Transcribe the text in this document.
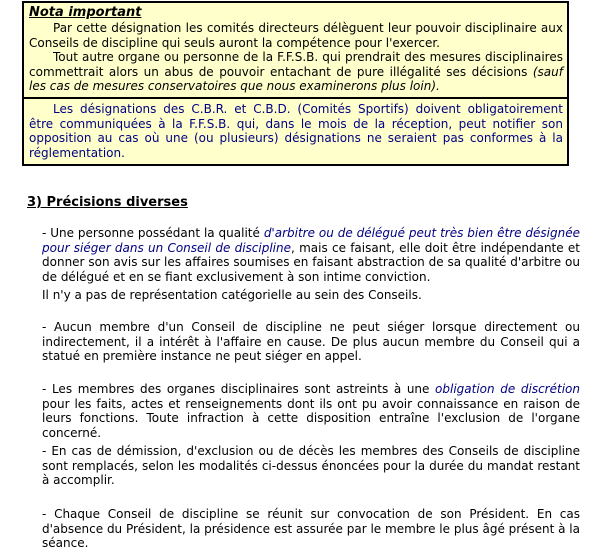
Nota important

Par cette désignation les comités directeurs délèguent leur pouvoir disciplinaire aux Conseils de discipline qui seuls auront la compétence pour l'exercer.

Tout autre organe ou personne de la F.F.S.B. qui prendrait des mesures disciplinaires commettrait alors un abus de pouvoir entachant de pure illégalité ses décisions (sauf les cas de mesures conservatoires que nous examinerons plus loin).

Les désignations des C.B.R. et C.B.D. (Comités Sportifs) doivent obligatoirement être communiquées à la F.F.S.B. qui, dans le mois de la réception, peut notifier son opposition au cas où une (ou plusieurs) désignations ne seraient pas conformes à la réglementation.

3) Précisions diverses

- Une personne possédant la qualité d'arbitre ou de délégué peut très bien être désignée pour siéger dans un Conseil de discipline, mais ce faisant, elle doit être indépendante et donner son avis sur les affaires soumises en faisant abstraction de sa qualité d'arbitre ou de délégué et en se fiant exclusivement à son intime conviction.

Il n'y a pas de représentation catégorielle au sein des Conseils.

- Aucun membre d'un Conseil de discipline ne peut siéger lorsque directement ou indirectement, il a intérêt à l'affaire en cause. De plus aucun membre du Conseil qui a statué en première instance ne peut siéger en appel.

- Les membres des organes disciplinaires sont astreints à une obligation de discrétion pour les faits, actes et renseignements dont ils ont pu avoir connaissance en raison de leurs fonctions. Toute infraction à cette disposition entraîne l'exclusion de l'organe concerné.

- En cas de démission, d'exclusion ou de décès les membres des Conseils de discipline sont remplacés, selon les modalités ci-dessus énoncées pour la durée du mandat restant à accomplir.

- Chaque Conseil de discipline se réunit sur convocation de son Président. En cas d'absence du Président, la présidence est assurée par le membre le plus âgé présent à la séance.
